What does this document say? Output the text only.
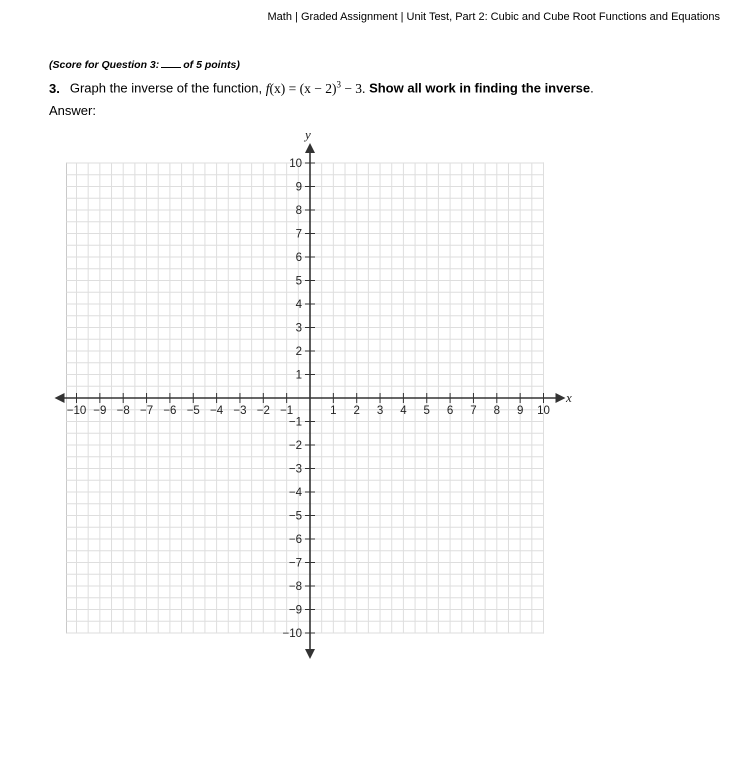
Math | Graded Assignment | Unit Test, Part 2: Cubic and Cube Root Functions and Equations
(Score for Question 3: of 5 points)
3. Graph the inverse of the function, $f(x) = (x - 2)^3 - 3$. Show all work in finding the inverse.
Answer:
−10 −9 −8 −7 −6 −5 −4 −3 −2 −1	1 2 3 4 5 6 7 8 9 10
−10
−9
−8
−7
−6
−5
−4
−3
−2
−1
1
2
3
4
5
6
7
8
9
10
x
y
